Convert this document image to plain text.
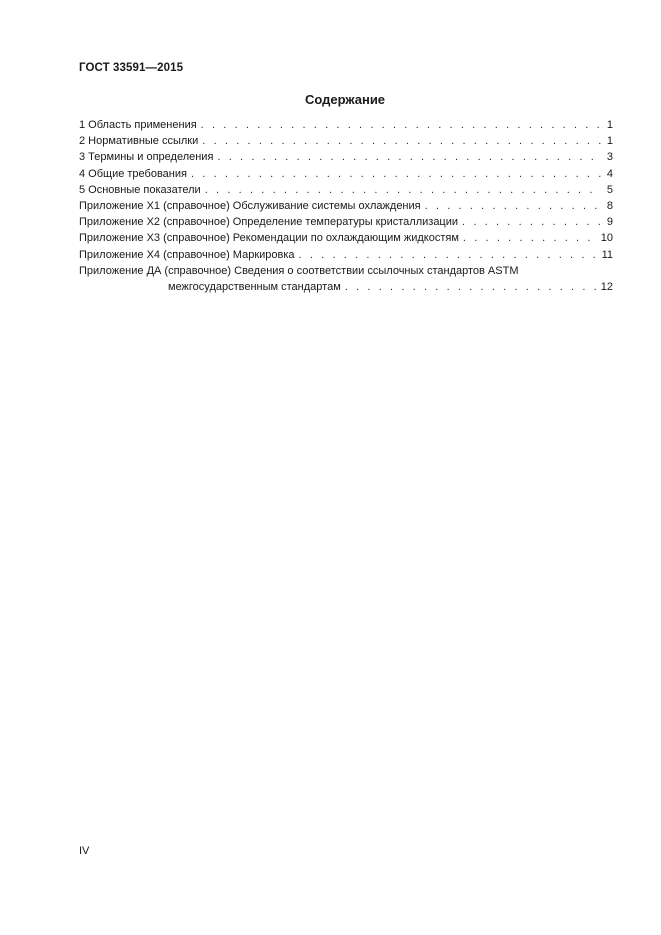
ГОСТ 33591—2015
Содержание
1 Область применения . . .	1
2 Нормативные ссылки . . .	1
3 Термины и определения . . .	3
4 Общие требования . . .	4
5 Основные показатели . . .	5
Приложение Х1 (справочное) Обслуживание системы охлаждения . . .	8
Приложение Х2 (справочное) Определение температуры кристаллизации . . .	9
Приложение Х3 (справочное) Рекомендации по охлаждающим жидкостям . . .	10
Приложение Х4 (справочное) Маркировка . . .	11
Приложение ДА (справочное) Сведения о соответствии ссылочных стандартов ASTM
межгосударственным стандартам . . .	12
IV
